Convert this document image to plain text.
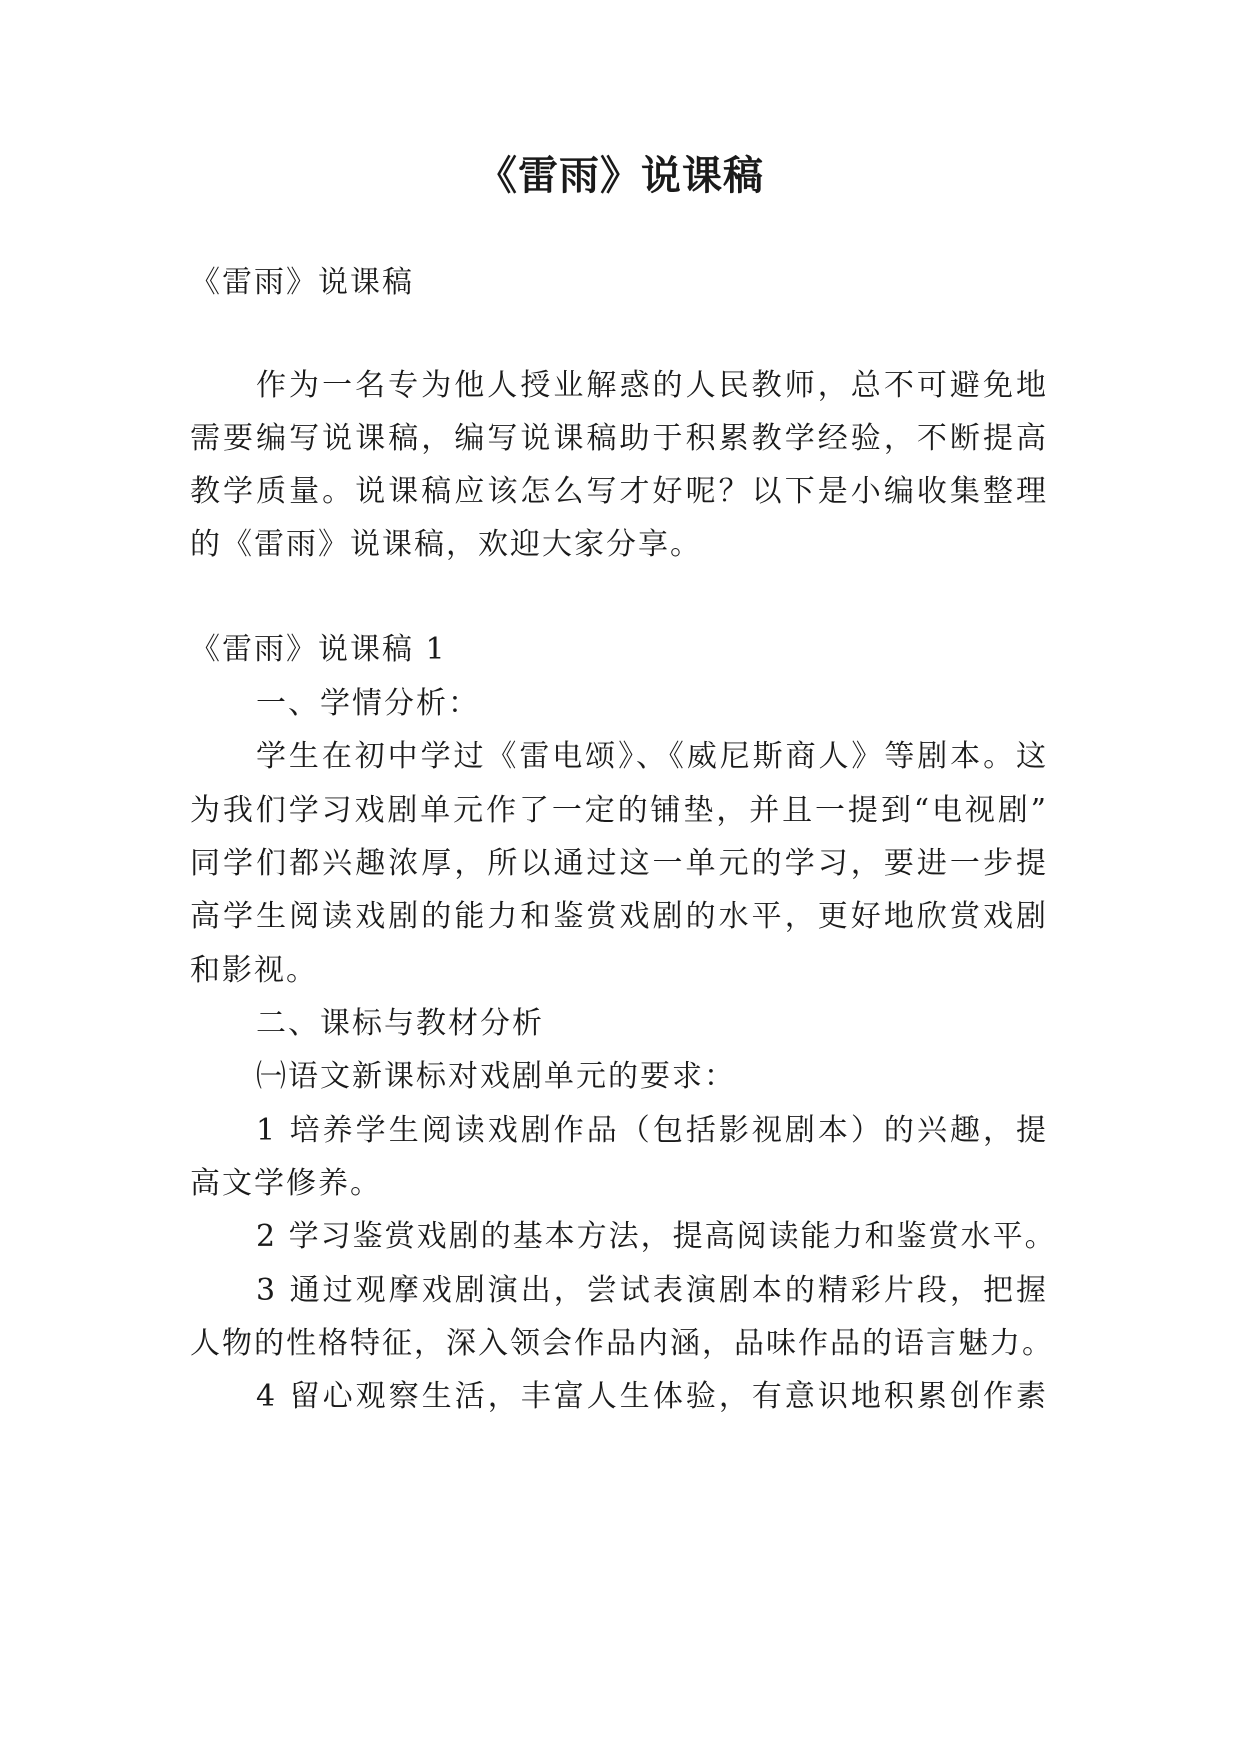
《雷雨》说课稿
《雷雨》说课稿
作为一名专为他人授业解惑的人民教师，总不可避免地
需要编写说课稿，编写说课稿助于积累教学经验，不断提高
教学质量。说课稿应该怎么写才好呢？以下是小编收集整理
的《雷雨》说课稿，欢迎大家分享。
《雷雨》说课稿 1
一、学情分析：
学生在初中学过《雷电颂》、《威尼斯商人》等剧本。这
为我们学习戏剧单元作了一定的铺垫，并且一提到“电视剧”
同学们都兴趣浓厚，所以通过这一单元的学习，要进一步提
高学生阅读戏剧的能力和鉴赏戏剧的水平，更好地欣赏戏剧
和影视。
二、课标与教材分析
㈠语文新课标对戏剧单元的要求：
1 培养学生阅读戏剧作品（包括影视剧本）的兴趣，提
高文学修养。
2 学习鉴赏戏剧的基本方法，提高阅读能力和鉴赏水平。
3 通过观摩戏剧演出，尝试表演剧本的精彩片段，把握
人物的性格特征，深入领会作品内涵，品味作品的语言魅力。
4 留心观察生活，丰富人生体验，有意识地积累创作素
